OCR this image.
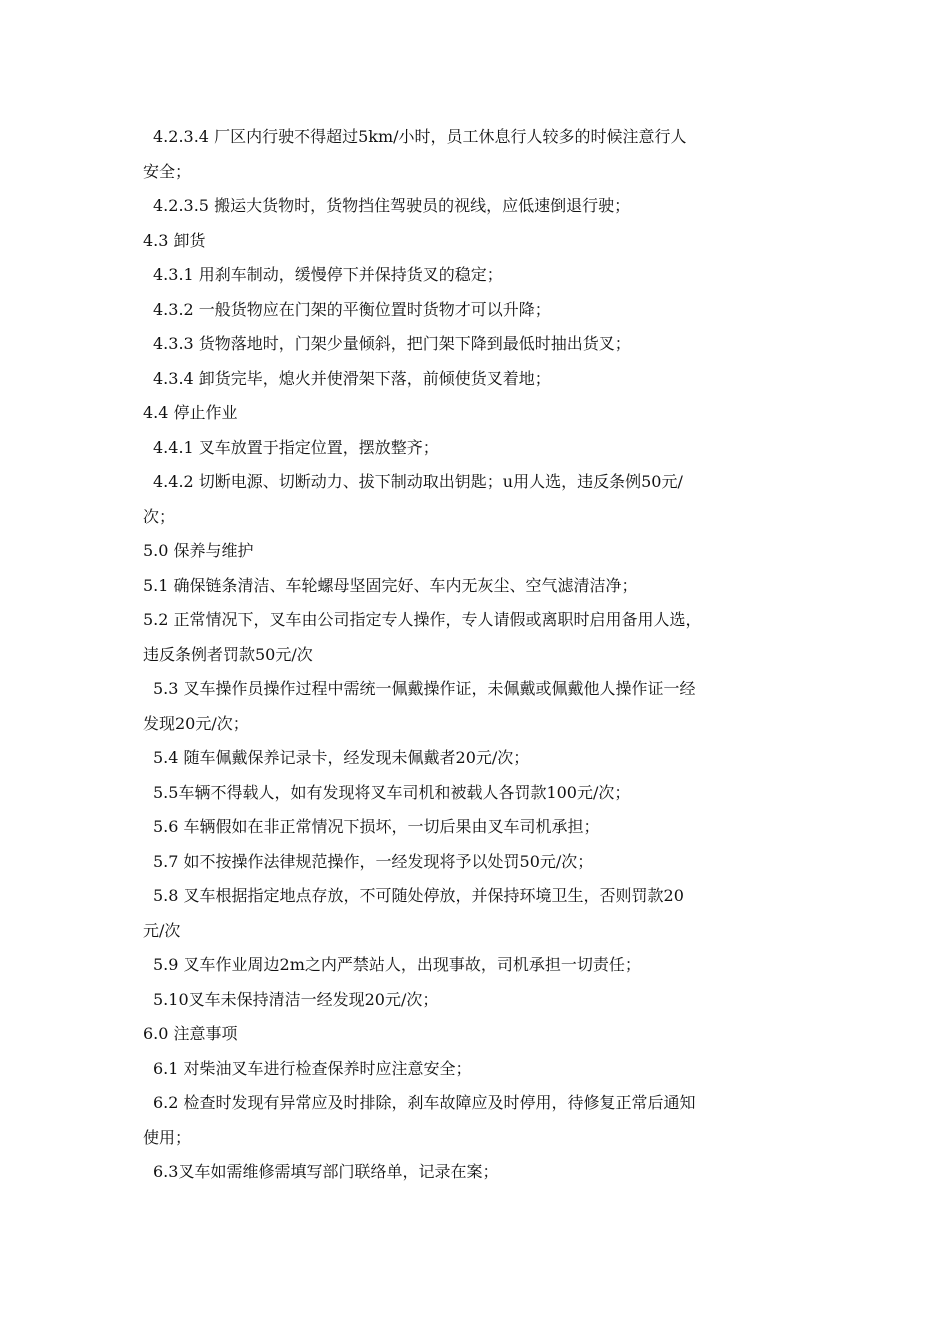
4.2.3.4 厂区内行驶不得超过5km/小时，员工休息行人较多的时候注意行人
安全；
4.2.3.5 搬运大货物时，货物挡住驾驶员的视线，应低速倒退行驶；
4.3 卸货
4.3.1 用刹车制动，缓慢停下并保持货叉的稳定；
4.3.2 一般货物应在门架的平衡位置时货物才可以升降；
4.3.3 货物落地时，门架少量倾斜，把门架下降到最低时抽出货叉；
4.3.4 卸货完毕，熄火并使滑架下落，前倾使货叉着地；
4.4 停止作业
4.4.1 叉车放置于指定位置，摆放整齐；
4.4.2 切断电源、切断动力、拔下制动取出钥匙；u用人选，违反条例50元/
次；
5.0 保养与维护
5.1 确保链条清洁、车轮螺母坚固完好、车内无灰尘、空气滤清洁净；
5.2 正常情况下，叉车由公司指定专人操作，专人请假或离职时启用备用人选，
违反条例者罚款50元/次
5.3 叉车操作员操作过程中需统一佩戴操作证，未佩戴或佩戴他人操作证一经
发现20元/次；
5.4 随车佩戴保养记录卡，经发现未佩戴者20元/次；
5.5车辆不得载人，如有发现将叉车司机和被载人各罚款100元/次；
5.6 车辆假如在非正常情况下损坏，一切后果由叉车司机承担；
5.7 如不按操作法律规范操作，一经发现将予以处罚50元/次；
5.8 叉车根据指定地点存放，不可随处停放，并保持环境卫生，否则罚款20
元/次
5.9 叉车作业周边2m之内严禁站人，出现事故，司机承担一切责任；
5.10叉车未保持清洁一经发现20元/次；
6.0 注意事项
6.1 对柴油叉车进行检查保养时应注意安全；
6.2 检查时发现有异常应及时排除，刹车故障应及时停用，待修复正常后通知
使用；
6.3叉车如需维修需填写部门联络单，记录在案；
